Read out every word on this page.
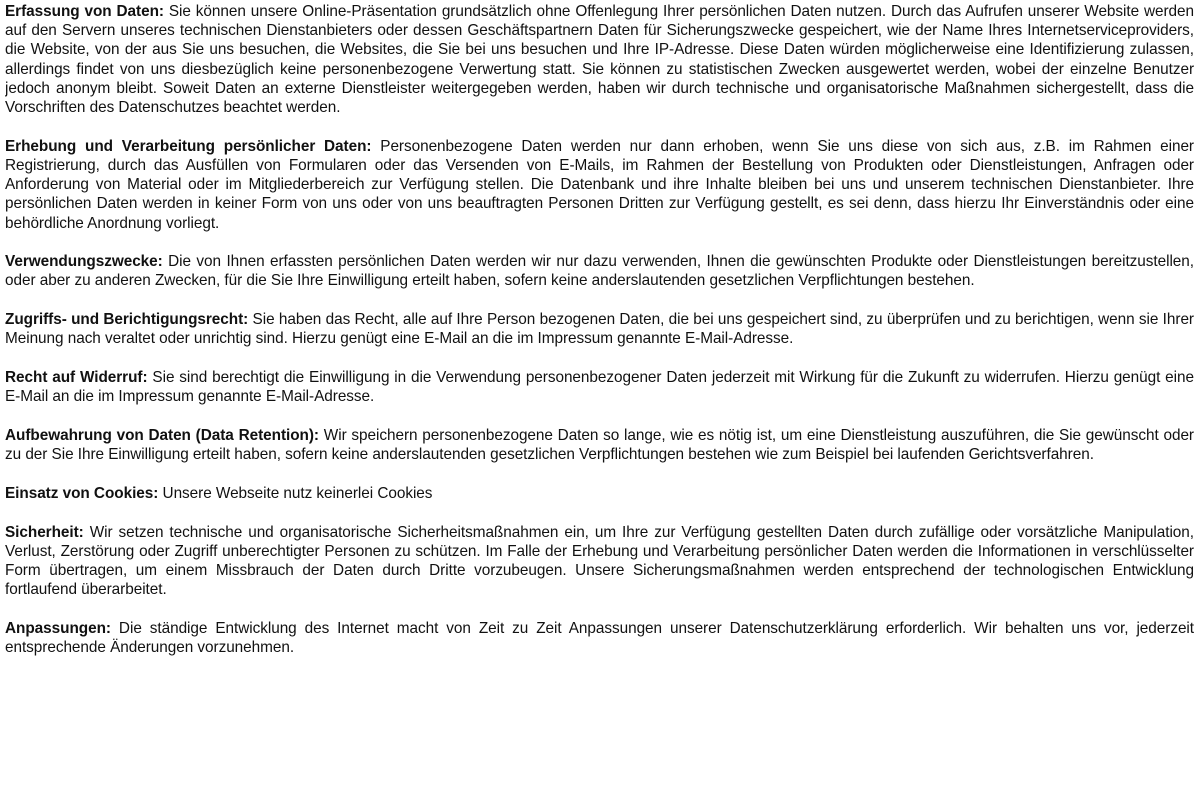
Erfassung von Daten: Sie können unsere Online-Präsentation grundsätzlich ohne Offenlegung Ihrer persönlichen Daten nutzen. Durch das Aufrufen unserer Website werden auf den Servern unseres technischen Dienstanbieters oder dessen Geschäftspartnern Daten für Sicherungszwecke gespeichert, wie der Name Ihres Internetserviceproviders, die Website, von der aus Sie uns besuchen, die Websites, die Sie bei uns besuchen und Ihre IP-Adresse. Diese Daten würden möglicherweise eine Identifizierung zulassen, allerdings findet von uns diesbezüglich keine personenbezogene Verwertung statt. Sie können zu statistischen Zwecken ausgewertet werden, wobei der einzelne Benutzer jedoch anonym bleibt. Soweit Daten an externe Dienstleister weitergegeben werden, haben wir durch technische und organisatorische Maßnahmen sichergestellt, dass die Vorschriften des Datenschutzes beachtet werden.

Erhebung und Verarbeitung persönlicher Daten: Personenbezogene Daten werden nur dann erhoben, wenn Sie uns diese von sich aus, z.B. im Rahmen einer Registrierung, durch das Ausfüllen von Formularen oder das Versenden von E-Mails, im Rahmen der Bestellung von Produkten oder Dienstleistungen, Anfragen oder Anforderung von Material oder im Mitgliederbereich zur Verfügung stellen. Die Datenbank und ihre Inhalte bleiben bei uns und unserem technischen Dienstanbieter. Ihre persönlichen Daten werden in keiner Form von uns oder von uns beauftragten Personen Dritten zur Verfügung gestellt, es sei denn, dass hierzu Ihr Einverständnis oder eine behördliche Anordnung vorliegt.

Verwendungszwecke: Die von Ihnen erfassten persönlichen Daten werden wir nur dazu verwenden, Ihnen die gewünschten Produkte oder Dienstleistungen bereitzustellen, oder aber zu anderen Zwecken, für die Sie Ihre Einwilligung erteilt haben, sofern keine anderslautenden gesetzlichen Verpflichtungen bestehen.

Zugriffs- und Berichtigungsrecht: Sie haben das Recht, alle auf Ihre Person bezogenen Daten, die bei uns gespeichert sind, zu überprüfen und zu berichtigen, wenn sie Ihrer Meinung nach veraltet oder unrichtig sind. Hierzu genügt eine E-Mail an die im Impressum genannte E-Mail-Adresse.

Recht auf Widerruf: Sie sind berechtigt die Einwilligung in die Verwendung personenbezogener Daten jederzeit mit Wirkung für die Zukunft zu widerrufen. Hierzu genügt eine E-Mail an die im Impressum genannte E-Mail-Adresse.

Aufbewahrung von Daten (Data Retention): Wir speichern personenbezogene Daten so lange, wie es nötig ist, um eine Dienstleistung auszuführen, die Sie gewünscht oder zu der Sie Ihre Einwilligung erteilt haben, sofern keine anderslautenden gesetzlichen Verpflichtungen bestehen wie zum Beispiel bei laufenden Gerichtsverfahren.

Einsatz von Cookies: Unsere Webseite nutz keinerlei Cookies

Sicherheit: Wir setzen technische und organisatorische Sicherheitsmaßnahmen ein, um Ihre zur Verfügung gestellten Daten durch zufällige oder vorsätzliche Manipulation, Verlust, Zerstörung oder Zugriff unberechtigter Personen zu schützen. Im Falle der Erhebung und Verarbeitung persönlicher Daten werden die Informationen in verschlüsselter Form übertragen, um einem Missbrauch der Daten durch Dritte vorzubeugen. Unsere Sicherungsmaßnahmen werden entsprechend der technologischen Entwicklung fortlaufend überarbeitet.

Anpassungen: Die ständige Entwicklung des Internet macht von Zeit zu Zeit Anpassungen unserer Datenschutzerklärung erforderlich. Wir behalten uns vor, jederzeit entsprechende Änderungen vorzunehmen.
